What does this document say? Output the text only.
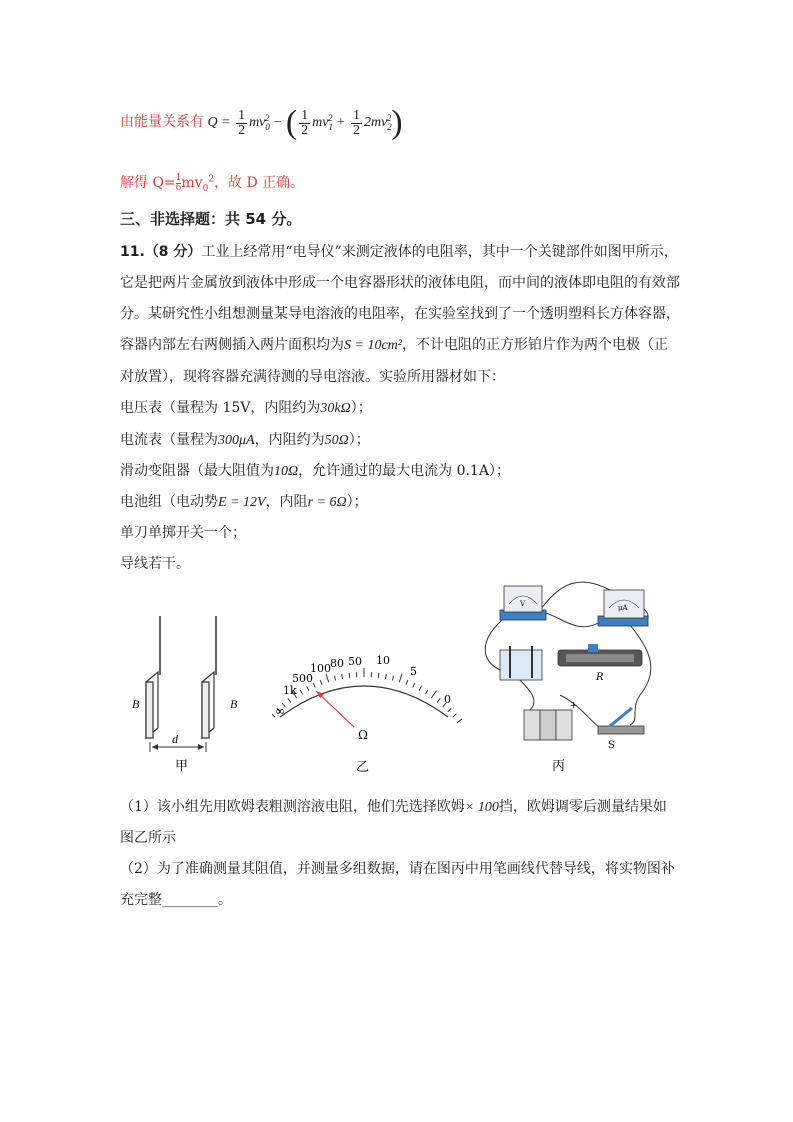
由能量关系有 $Q = \frac{1}{2} mv_0^2$ − ( $\frac{1}{2} mv_1^2 + \frac{1}{2} 2mv_2^2$)
解得 $Q= \frac{1}{6}mv_0^2$，故 D 正确。
三、非选择题：共 54 分。
11.（8 分）工业上经常用“电导仪”来测定液体的电阻率，其中一个关键部件如图甲所示，
它是把两片金属放到液体中形成一个电容器形状的液体电阻，而中间的液体即电阻的有效部
分。某研究性小组想测量某导电溶液的电阻率，在实验室找到了一个透明塑料长方体容器，
容器内部左右两侧插入两片面积均为S = 10cm²，不计电阻的正方形铂片作为两个电极（正
对放置），现将容器充满待测的导电溶液。实验所用器材如下：
电压表（量程为 15V，内阻约为30kΩ）；
电流表（量程为300μA，内阻约为50Ω）；
滑动变阻器（最大阻值为10Ω，允许通过的最大电流为 0.1A）；
电池组（电动势E = 12V，内阻r = 6Ω）；
单刀单掷开关一个；
导线若干。
B	B
d
甲
∞
1k
500
100 80 50 10
5
0
Ω
乙
V	μA
R
+
S
丙
（1）该小组先用欧姆表粗测溶液电阻，他们先选择欧姆× 100挡，欧姆调零后测量结果如
图乙所示
（2）为了准确测量其阻值，并测量多组数据，请在图丙中用笔画线代替导线，将实物图补
充完整________。
